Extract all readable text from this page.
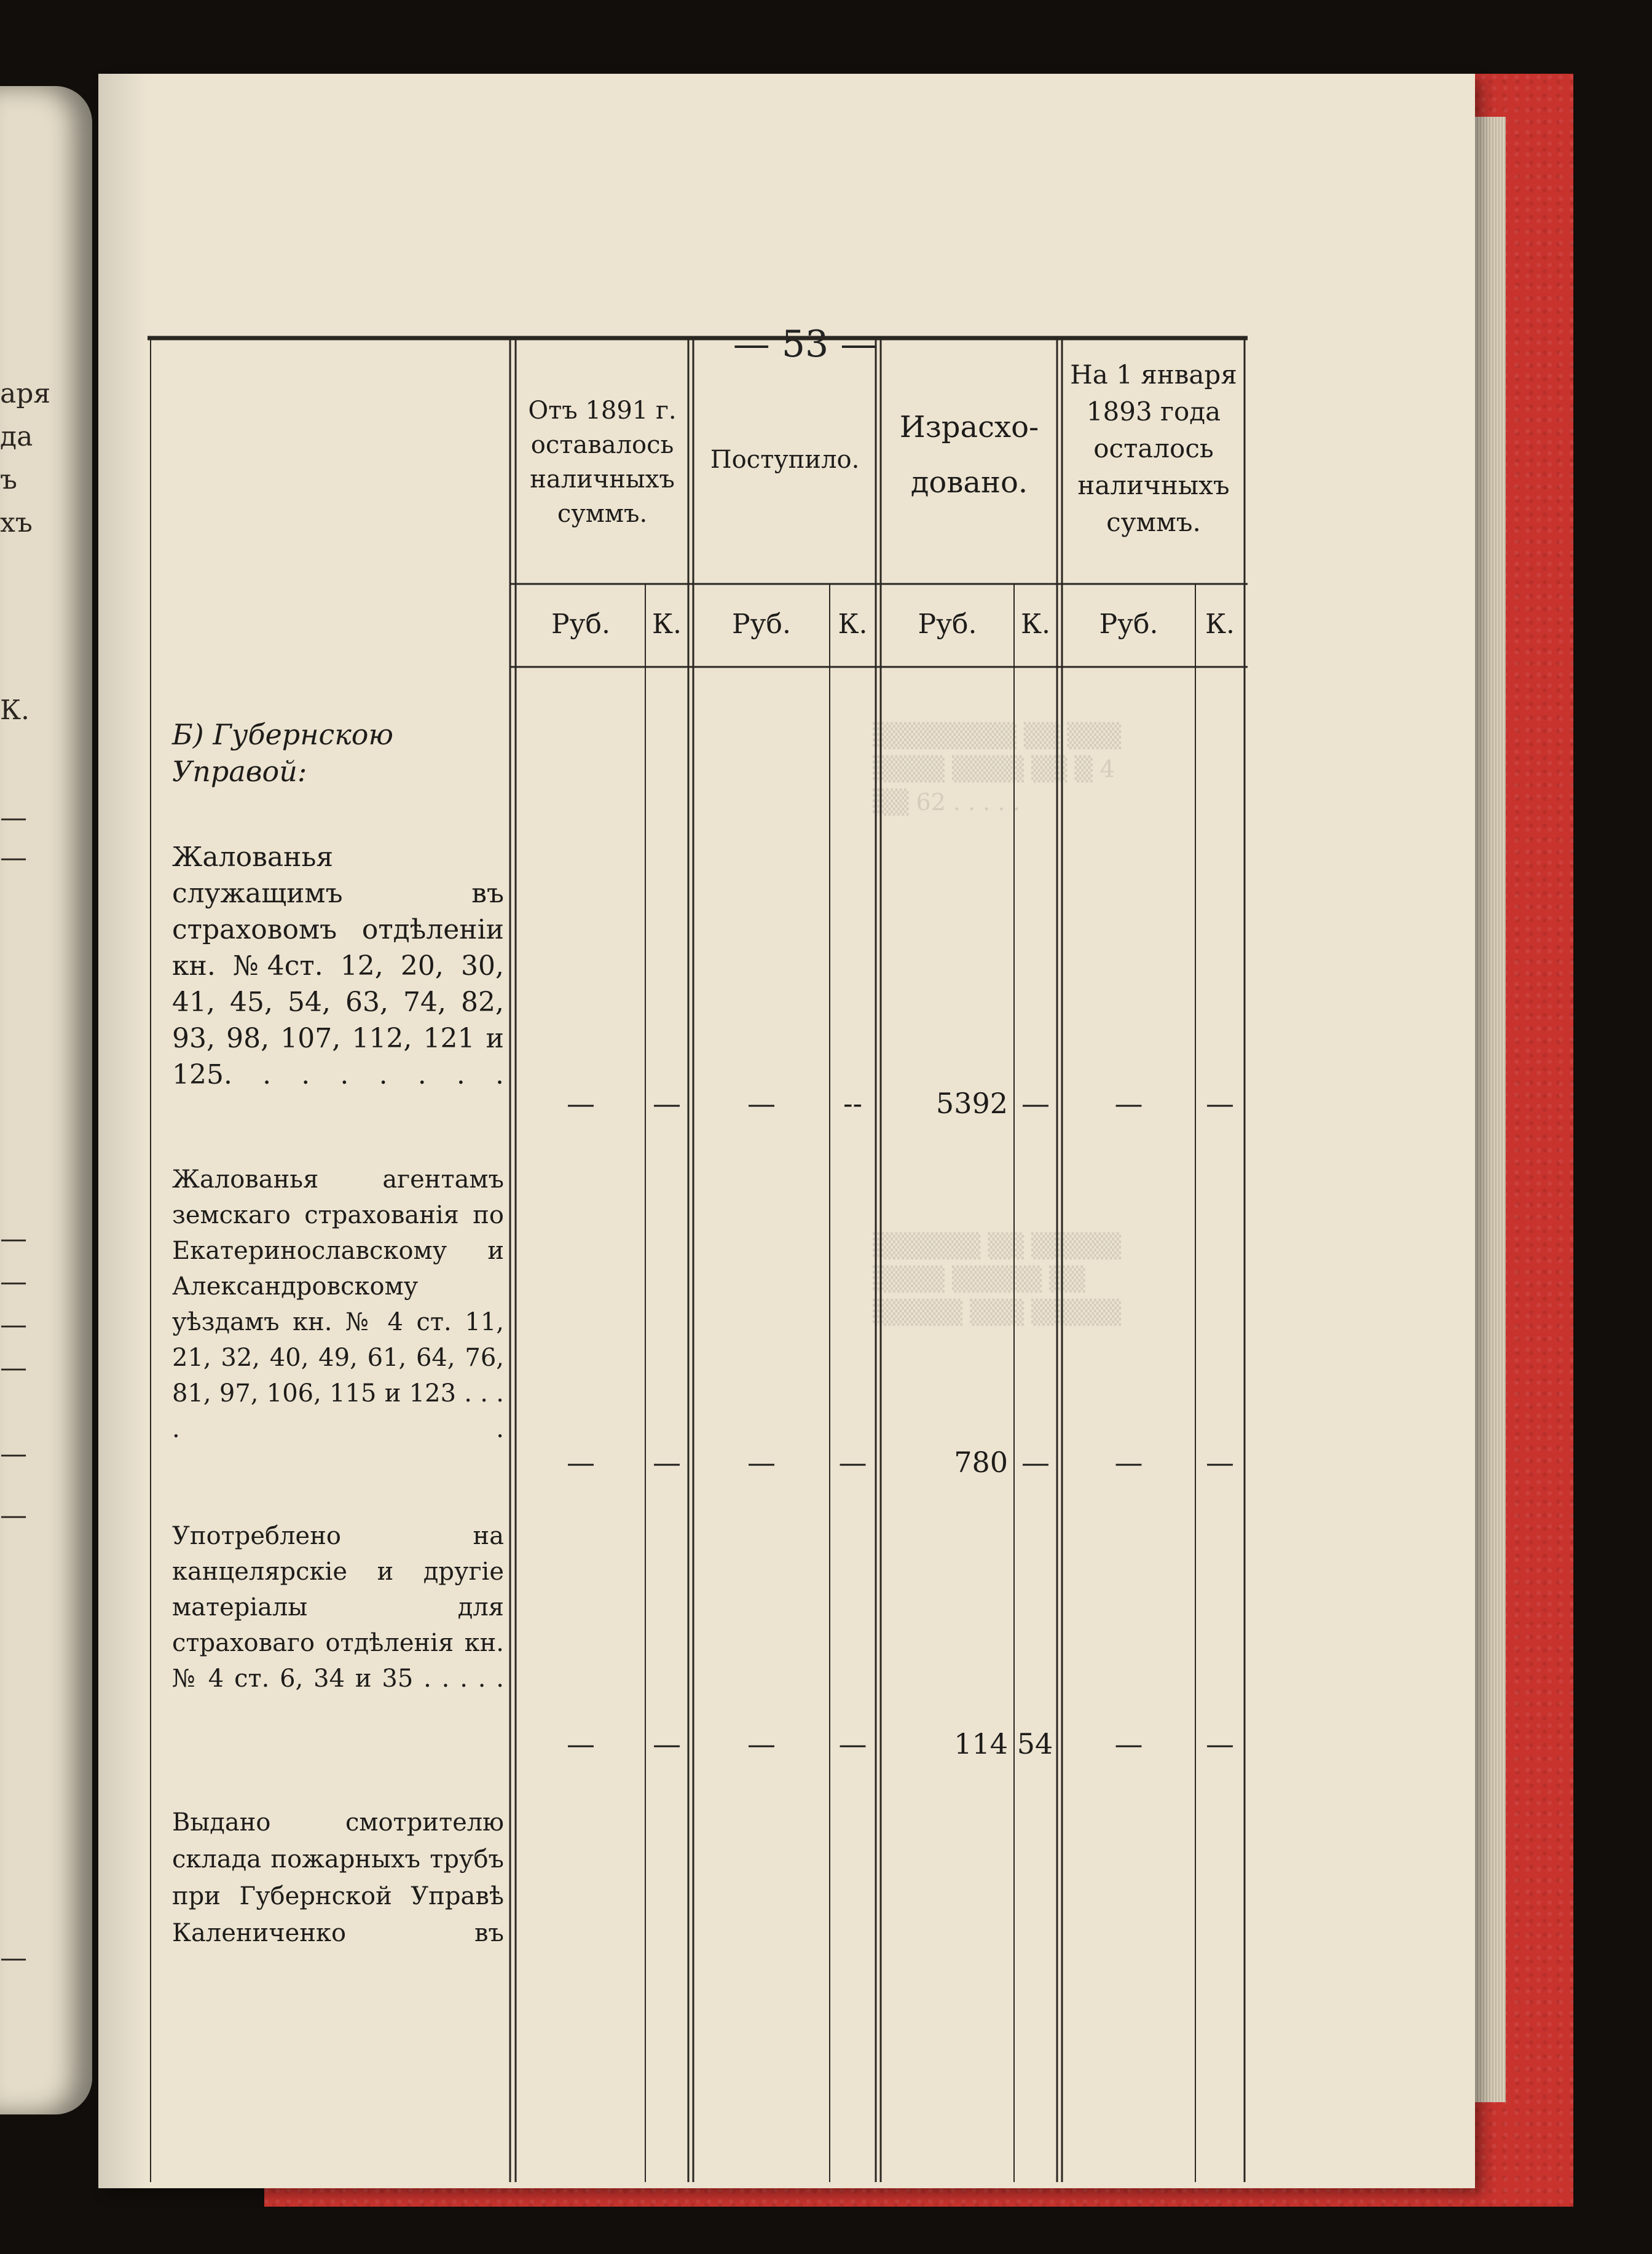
аря
да
ъ
хъ
К.
—
—
—
—
—
—
—
—
—
▒▒▒▒▒▒▒▒ ▒▒ ▒▒▒
▒▒▒▒ ▒▒▒▒ ▒▒ ▒ 4
▒▒ 62 . . . . .
▒▒▒▒▒▒ ▒▒ ▒▒▒▒▒
▒▒▒▒ ▒▒▒▒▒ ▒▒
▒▒▒▒▒ ▒▒▒ ▒▒▒▒▒
— 53 —
Отъ 1891 г. оставалось наличныхъ суммъ.
Поступило.
Израсхо- довано.
На 1 января 1893 года осталось наличныхъ суммъ.
Руб.	К.	Руб.	К.	Руб.	К.	Руб.	К.
Б) Губернскою Управой:
Жалованья служащимъ въ страховомъ отдѣленіи кн. №4ст. 12, 20, 30, 41, 45, 54, 63, 74, 82, 93, 98, 107, 112, 121 и 125. . . . . . . .
—	—	—	--	5392 —	—	—
Жалованья агентамъ земскаго страхованія по Екатеринославскому и Александровскому уѣздамъ кн. № 4 ст. 11, 21, 32, 40, 49, 61, 64, 76, 81, 97, 106, 115 и 123 . . . . .
—	—	—	—	780 —	—	—
Употреблено на канцелярскіе и другіе матеріалы для страховаго отдѣленія кн. № 4 ст. 6, 34 и 35 . . . . .
—	—	—	—	114 54	—	—
Выдано смотрителю склада пожарныхъ трубъ при Губернской Управѣ Калениченко въ
